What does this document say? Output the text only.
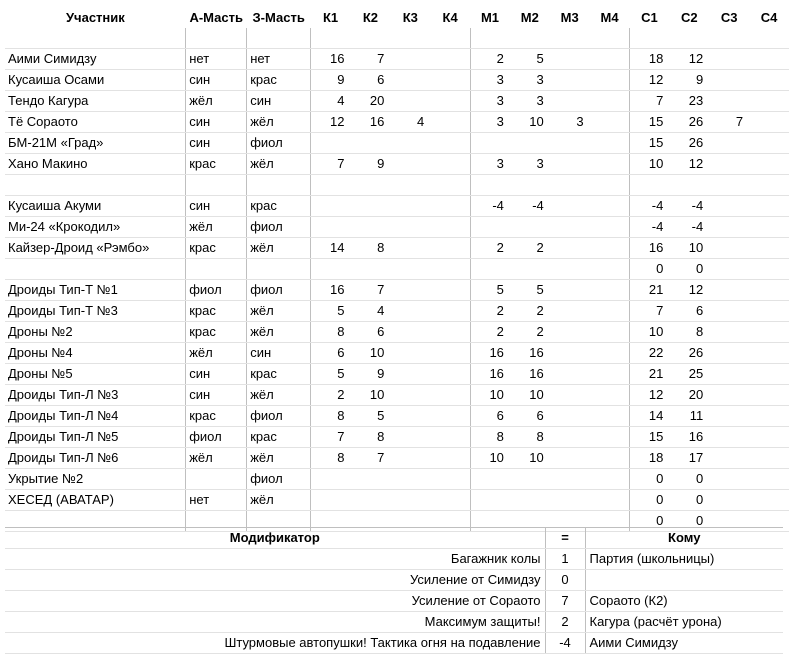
Участник	А-Масть	З-Масть	К1	К2	К3	К4	М1	М2	М3	М4	С1	С2	С3	С4

Аими Симидзу	нет	нет	16	7			2	5			18	12		
Кусаиша Осами	син	крас	9	6			3	3			12	9		
Тендо Кагура	жёл	син	4	20			3	3			7	23		
Тё Сораото	син	жёл	12	16	4		3	10	3		15	26	7	
БМ-21М «Град»	син	фиол									15	26		
Хано Макино	крас	жёл	7	9			3	3			10	12		

Кусаиша Акуми	син	крас					-4	-4			-4	-4		
Ми-24 «Крокодил»	жёл	фиол									-4	-4		
Кайзер-Дроид «Рэмбо»	крас	жёл	14	8			2	2			16	10		
											0	0		
Дроиды Тип-Т №1	фиол	фиол	16	7			5	5			21	12		
Дроиды Тип-Т №3	крас	жёл	5	4			2	2			7	6		
Дроны №2	крас	жёл	8	6			2	2			10	8		
Дроны №4	жёл	син	6	10			16	16			22	26		
Дроны №5	син	крас	5	9			16	16			21	25		
Дроиды Тип-Л №3	син	жёл	2	10			10	10			12	20		
Дроиды Тип-Л №4	крас	фиол	8	5			6	6			14	11		
Дроиды Тип-Л №5	фиол	крас	7	8			8	8			15	16		
Дроиды Тип-Л №6	жёл	жёл	8	7			10	10			18	17		
Укрытие №2		фиол									0	0		
ХЕСЕД (АВАТАР)	нет	жёл									0	0		
											0	0		
Модификатор	=	Кому
Багажник колы	1	Партия (школьницы)
Усиление от Симидзу	0	
Усиление от Сораото	7	Сораото (К2)
Максимум защиты!	2	Кагура (расчёт урона)
Штурмовые автопушки! Тактика огня на подавление	-4	Аими Симидзу
